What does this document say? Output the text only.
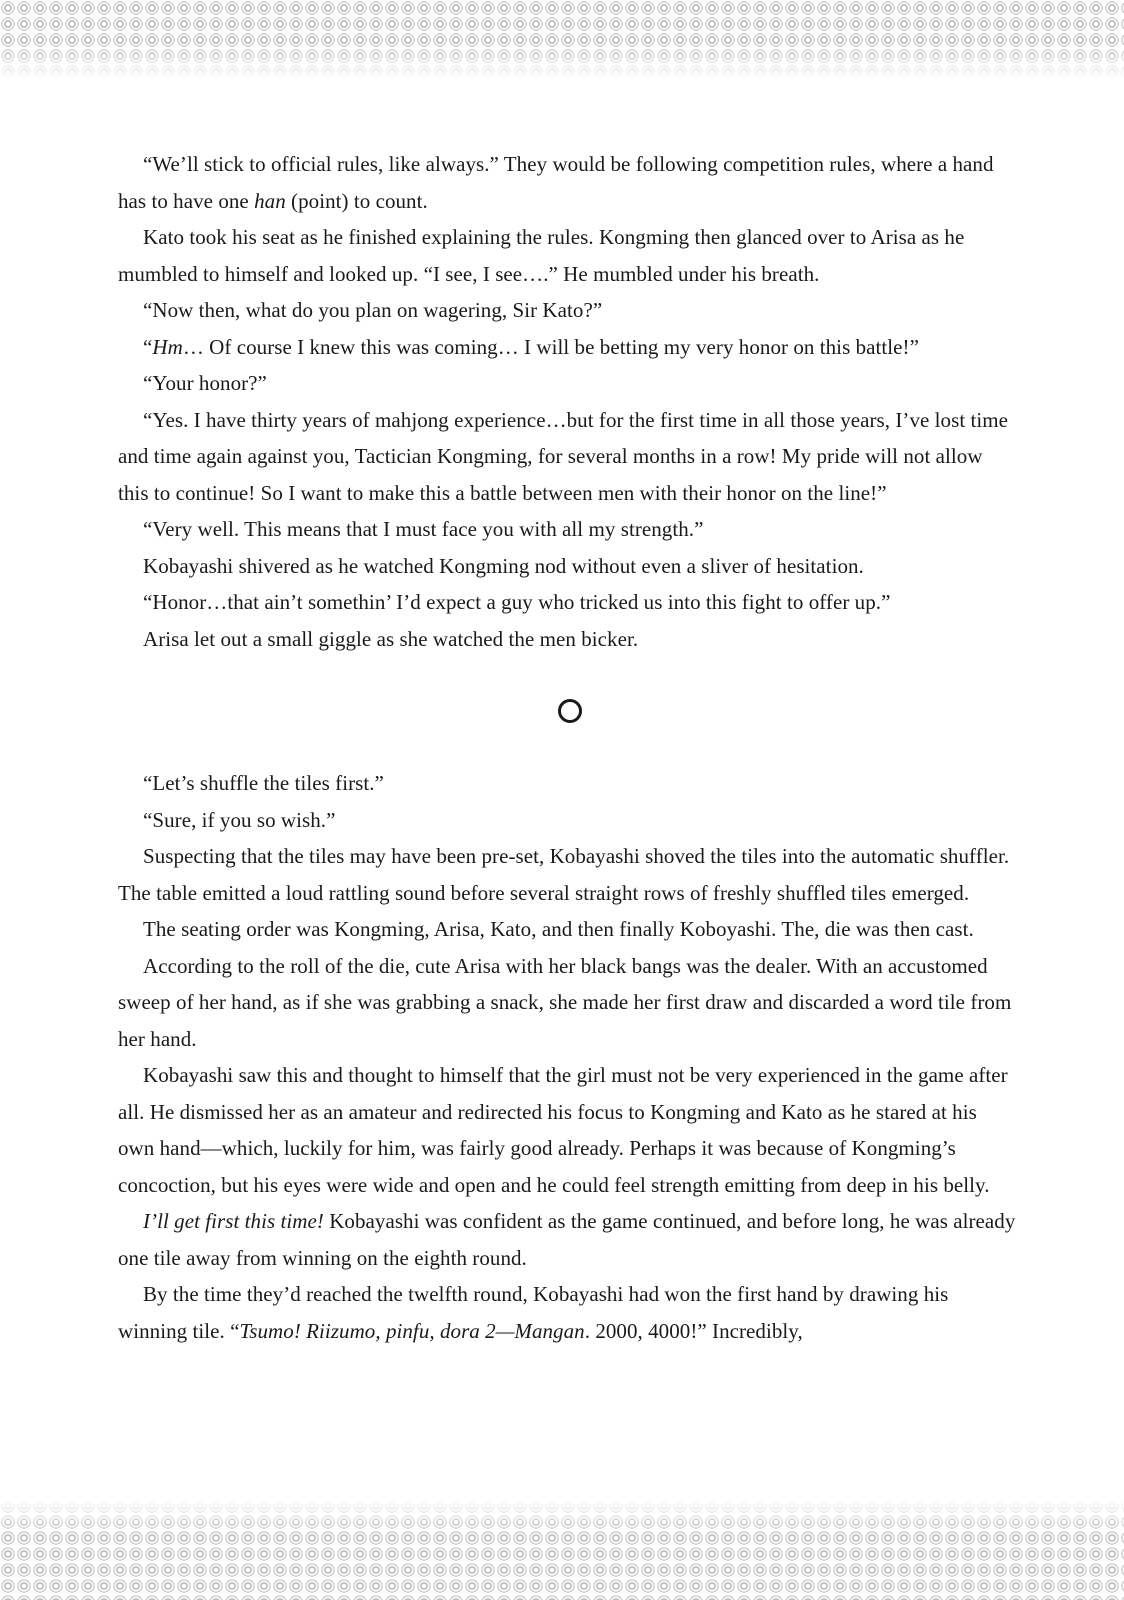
“We’ll stick to official rules, like always.” They would be following competition rules, where a hand has to have one han (point) to count.

Kato took his seat as he finished explaining the rules. Kongming then glanced over to Arisa as he mumbled to himself and looked up. “I see, I see….” He mumbled under his breath.

“Now then, what do you plan on wagering, Sir Kato?”

“Hm… Of course I knew this was coming… I will be betting my very honor on this battle!”

“Your honor?”

“Yes. I have thirty years of mahjong experience…but for the first time in all those years, I’ve lost time and time again against you, Tactician Kongming, for several months in a row! My pride will not allow this to continue! So I want to make this a battle between men with their honor on the line!”

“Very well. This means that I must face you with all my strength.”

Kobayashi shivered as he watched Kongming nod without even a sliver of hesitation.

“Honor…that ain’t somethin’ I’d expect a guy who tricked us into this fight to offer up.”

Arisa let out a small giggle as she watched the men bicker.

“Let’s shuffle the tiles first.”

“Sure, if you so wish.”

Suspecting that the tiles may have been pre-set, Kobayashi shoved the tiles into the automatic shuffler. The table emitted a loud rattling sound before several straight rows of freshly shuffled tiles emerged.

The seating order was Kongming, Arisa, Kato, and then finally Koboyashi. The, die was then cast.

According to the roll of the die, cute Arisa with her black bangs was the dealer. With an accustomed sweep of her hand, as if she was grabbing a snack, she made her first draw and discarded a word tile from her hand.

Kobayashi saw this and thought to himself that the girl must not be very experienced in the game after all. He dismissed her as an amateur and redirected his focus to Kongming and Kato as he stared at his own hand—which, luckily for him, was fairly good already. Perhaps it was because of Kongming’s concoction, but his eyes were wide and open and he could feel strength emitting from deep in his belly.

I’ll get first this time! Kobayashi was confident as the game continued, and before long, he was already one tile away from winning on the eighth round.

By the time they’d reached the twelfth round, Kobayashi had won the first hand by drawing his winning tile. “Tsumo! Riizumo, pinfu, dora 2—Mangan. 2000, 4000!” Incredibly,
